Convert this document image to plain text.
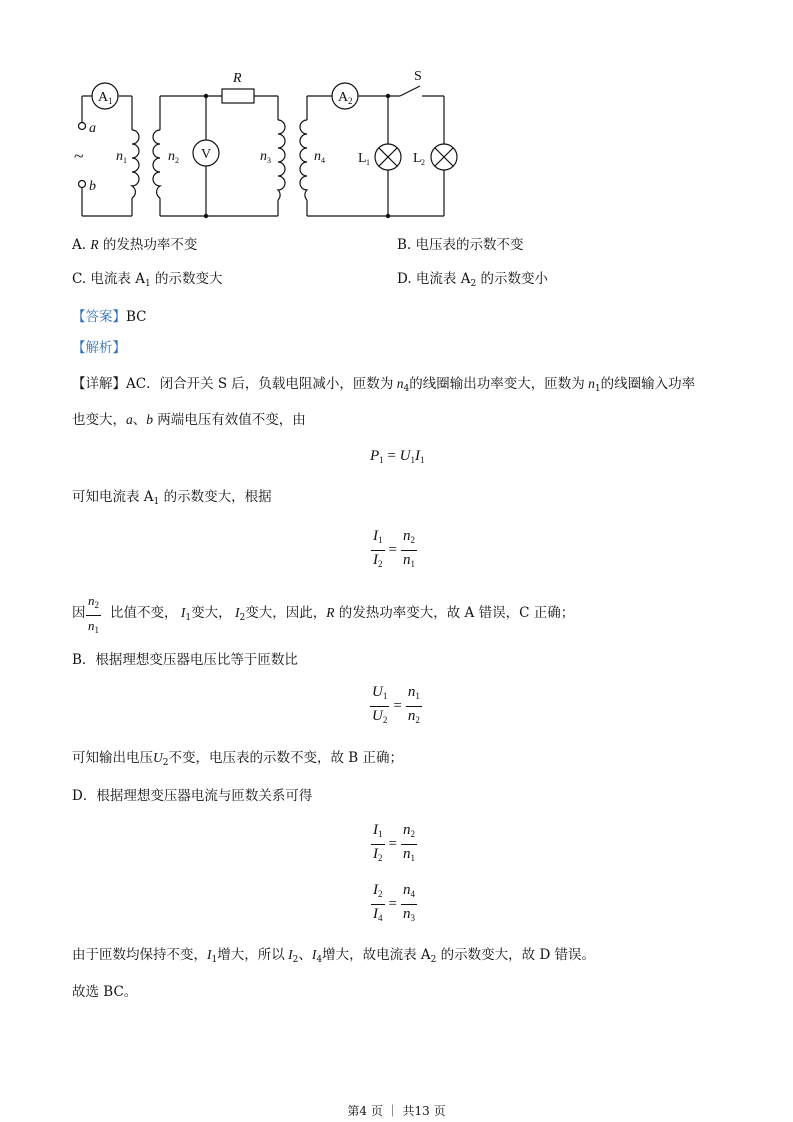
A 1	A 2
V
R	S
a
b
~ n 1	n 2	n 3	n 4 L 1	L 2
A. R 的发热功率不变	B. 电压表的示数不变
C. 电流表 $A_1$ 的示数变大	D. 电流表 $A_2$ 的示数变小
【答案】BC
【解析】
【详解】AC．闭合开关 S 后，负载电阻减小，匝数为 $n_4$的线圈输出功率变大，匝数为 $n_1$的线圈输入功率
也变大，a、b 两端电压有效值不变，由
$P_1 = U_1I_1$
可知电流表 $A_1$ 的示数变大，根据
$\frac{I_1}{I_2} = \frac{n_2}{n_1}$
因 $\frac{n_2}{n_1}$ 比值不变， $I_1$变大， $I_2$变大，因此，R 的发热功率变大，故 A 错误，C 正确；
B．根据理想变压器电压比等于匝数比
$\frac{U_1}{U_2} = \frac{n_1}{n_2}$
可知输出电压$U_2$不变，电压表的示数不变，故 B 正确；
D．根据理想变压器电流与匝数关系可得
$\frac{I_1}{I_2} = \frac{n_2}{n_1}$
$\frac{I_2}{I_4} = \frac{n_4}{n_3}$
由于匝数均保持不变，$I_1$增大，所以 $I_2$、$I_4$增大，故电流表 $A_2$ 的示数变大，故 D 错误。
故选 BC。
第4 页 ｜ 共13 页
